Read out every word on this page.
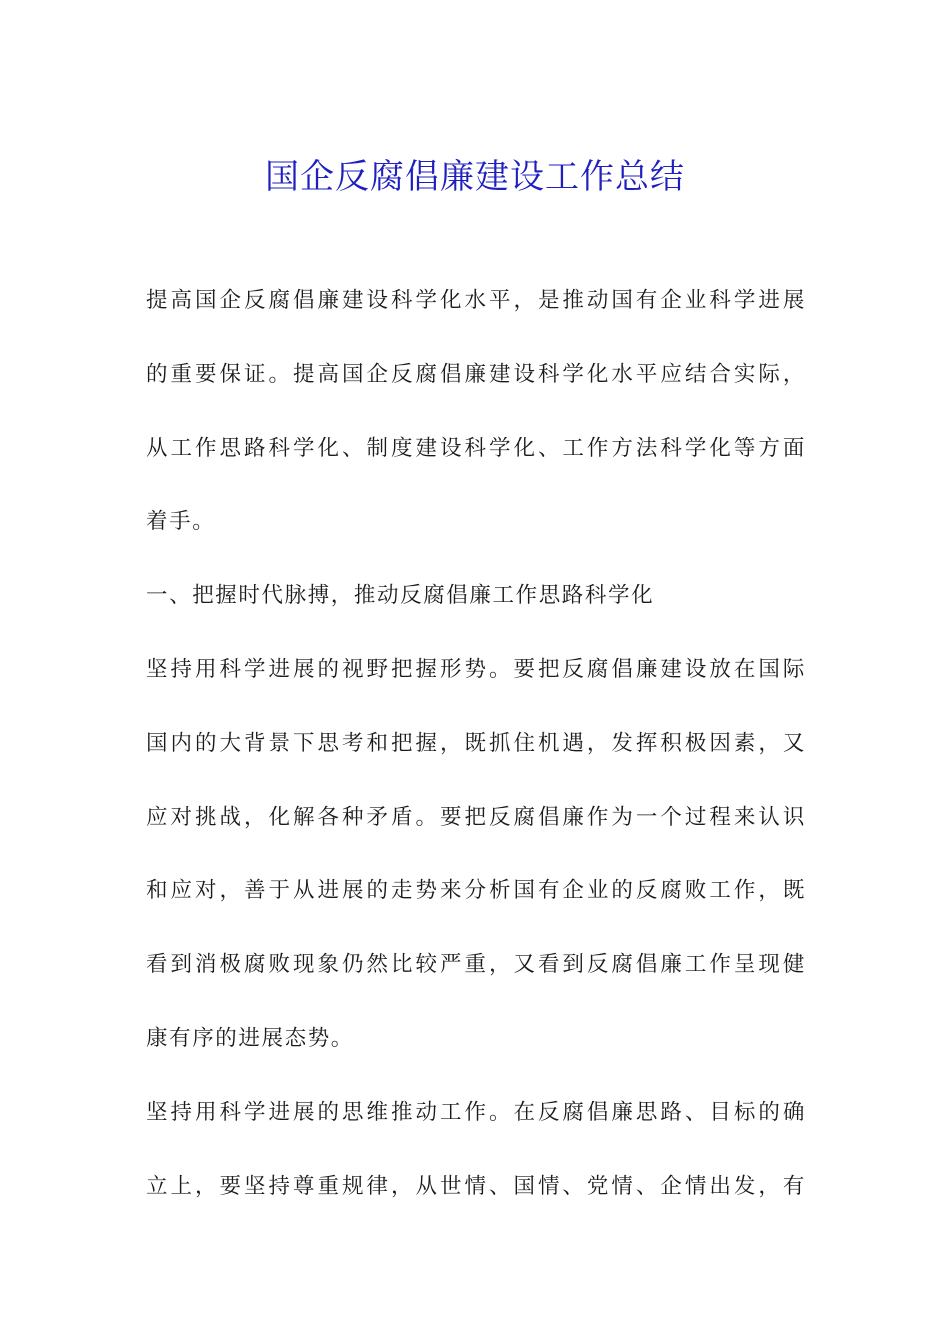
国企反腐倡廉建设工作总结
提高国企反腐倡廉建设科学化水平，是推动国有企业科学进展
的重要保证。提高国企反腐倡廉建设科学化水平应结合实际，
从工作思路科学化、制度建设科学化、工作方法科学化等方面
着手。
一、把握时代脉搏，推动反腐倡廉工作思路科学化
坚持用科学进展的视野把握形势。要把反腐倡廉建设放在国际
国内的大背景下思考和把握，既抓住机遇，发挥积极因素，又
应对挑战，化解各种矛盾。要把反腐倡廉作为一个过程来认识
和应对，善于从进展的走势来分析国有企业的反腐败工作，既
看到消极腐败现象仍然比较严重，又看到反腐倡廉工作呈现健
康有序的进展态势。
坚持用科学进展的思维推动工作。在反腐倡廉思路、目标的确
立上，要坚持尊重规律，从世情、国情、党情、企情出发，有
